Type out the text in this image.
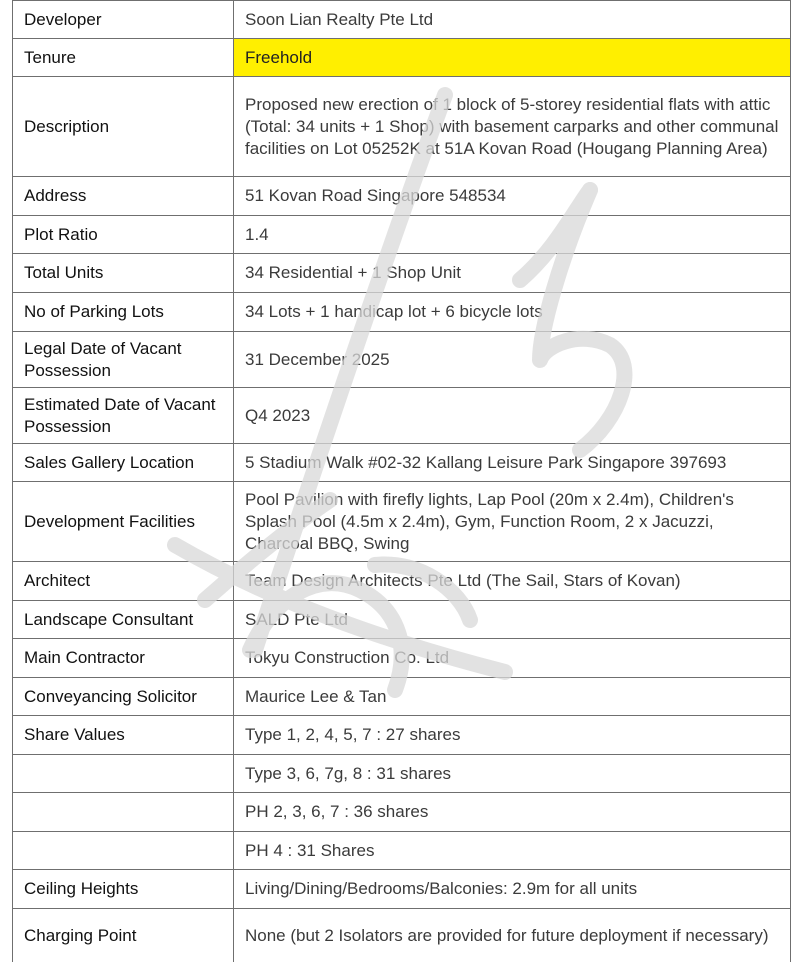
Developer	Soon Lian Realty Pte Ltd
Tenure	Freehold
Description	Proposed new erection of 1 block of 5-storey residential flats with attic (Total: 34 units + 1 Shop) with basement carparks and other communal facilities on Lot 05252K at 51A Kovan Road (Hougang Planning Area)
Address	51 Kovan Road Singapore 548534
Plot Ratio	1.4
Total Units	34 Residential + 1 Shop Unit
No of Parking Lots	34 Lots + 1 handicap lot + 6 bicycle lots
Legal Date of Vacant Possession	31 December 2025
Estimated Date of Vacant Possession	Q4 2023
Sales Gallery Location	5 Stadium Walk #02-32 Kallang Leisure Park Singapore 397693
Development Facilities	Pool Pavilion with firefly lights, Lap Pool (20m x 2.4m), Children's Splash Pool (4.5m x 2.4m), Gym, Function Room, 2 x Jacuzzi, Charcoal BBQ, Swing
Architect	Team Design Architects Pte Ltd (The Sail, Stars of Kovan)
Landscape Consultant	SALD Pte Ltd
Main Contractor	Tokyu Construction Co. Ltd
Conveyancing Solicitor	Maurice Lee & Tan
Share Values	Type 1, 2, 4, 5, 7 : 27 shares
	Type 3, 6, 7g, 8 : 31 shares
	PH 2, 3, 6, 7 : 36 shares
	PH 4 : 31 Shares
Ceiling Heights	Living/Dining/Bedrooms/Balconies: 2.9m for all units
Charging Point	None (but 2 Isolators are provided for future deployment if necessary)
